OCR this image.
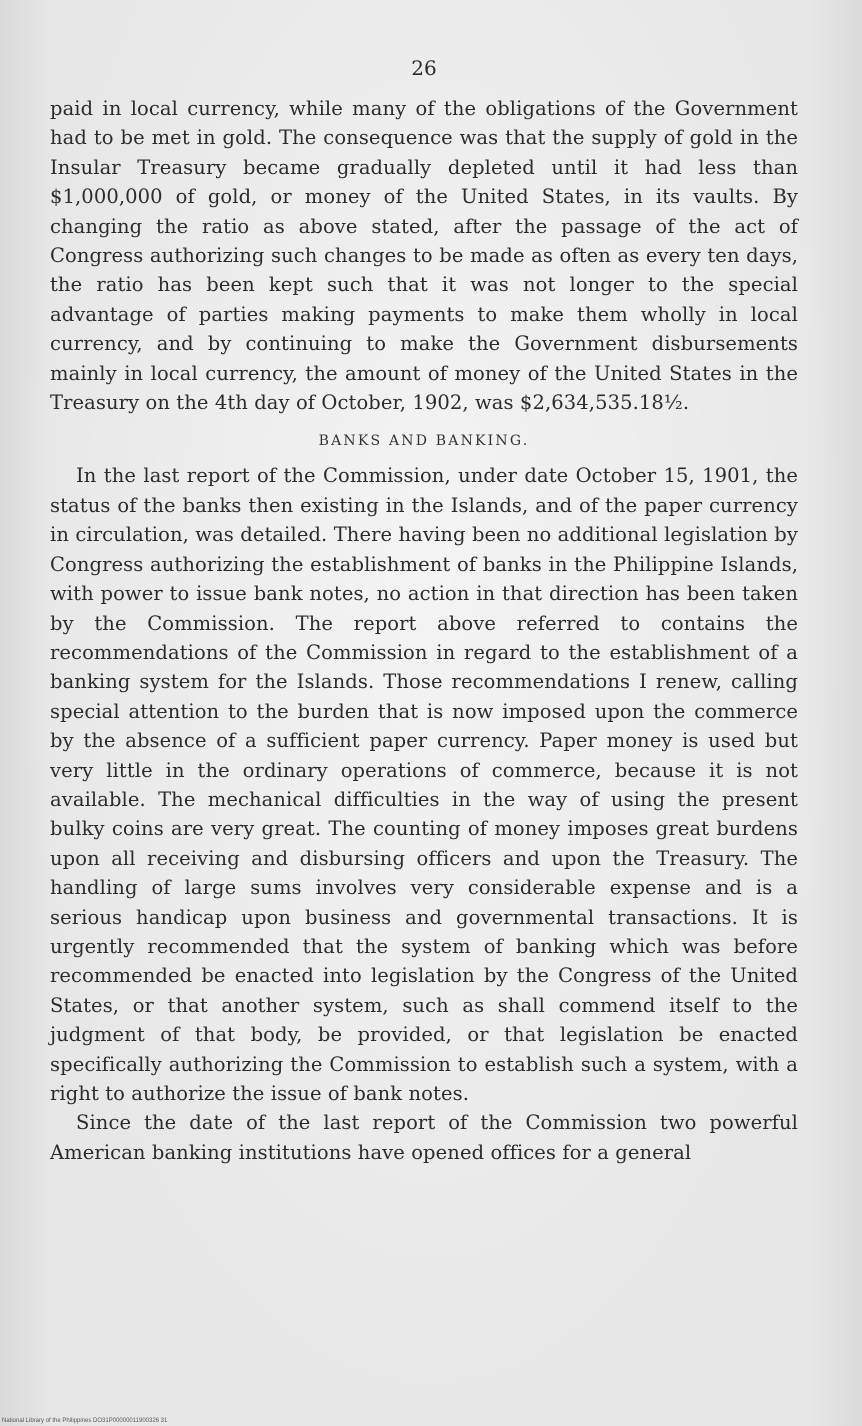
26

paid in local currency, while many of the obligations of the Government had to be met in gold. The consequence was that the supply of gold in the Insular Treasury became gradually depleted until it had less than $1,000,000 of gold, or money of the United States, in its vaults. By changing the ratio as above stated, after the passage of the act of Congress authorizing such changes to be made as often as every ten days, the ratio has been kept such that it was not longer to the special advantage of parties making payments to make them wholly in local currency, and by continuing to make the Government disbursements mainly in local currency, the amount of money of the United States in the Treasury on the 4th day of October, 1902, was $2,634,535.18½.

BANKS AND BANKING.

In the last report of the Commission, under date October 15, 1901, the status of the banks then existing in the Islands, and of the paper currency in circulation, was detailed. There having been no additional legislation by Congress authorizing the establishment of banks in the Philippine Islands, with power to issue bank notes, no action in that direction has been taken by the Commission. The report above referred to contains the recommendations of the Commission in regard to the establishment of a banking system for the Islands. Those recommendations I renew, calling special attention to the burden that is now imposed upon the commerce by the absence of a sufficient paper currency. Paper money is used but very little in the ordinary operations of commerce, because it is not available. The mechanical difficulties in the way of using the present bulky coins are very great. The counting of money imposes great burdens upon all receiving and disbursing officers and upon the Treasury. The handling of large sums involves very considerable expense and is a serious handicap upon business and governmental transactions. It is urgently recommended that the system of banking which was before recommended be enacted into legislation by the Congress of the United States, or that another system, such as shall commend itself to the judgment of that body, be provided, or that legislation be enacted specifically authorizing the Commission to establish such a system, with a right to authorize the issue of bank notes.

Since the date of the last report of the Commission two powerful American banking institutions have opened offices for a general

National Library of the Philippines DO31P00000011900326 31
